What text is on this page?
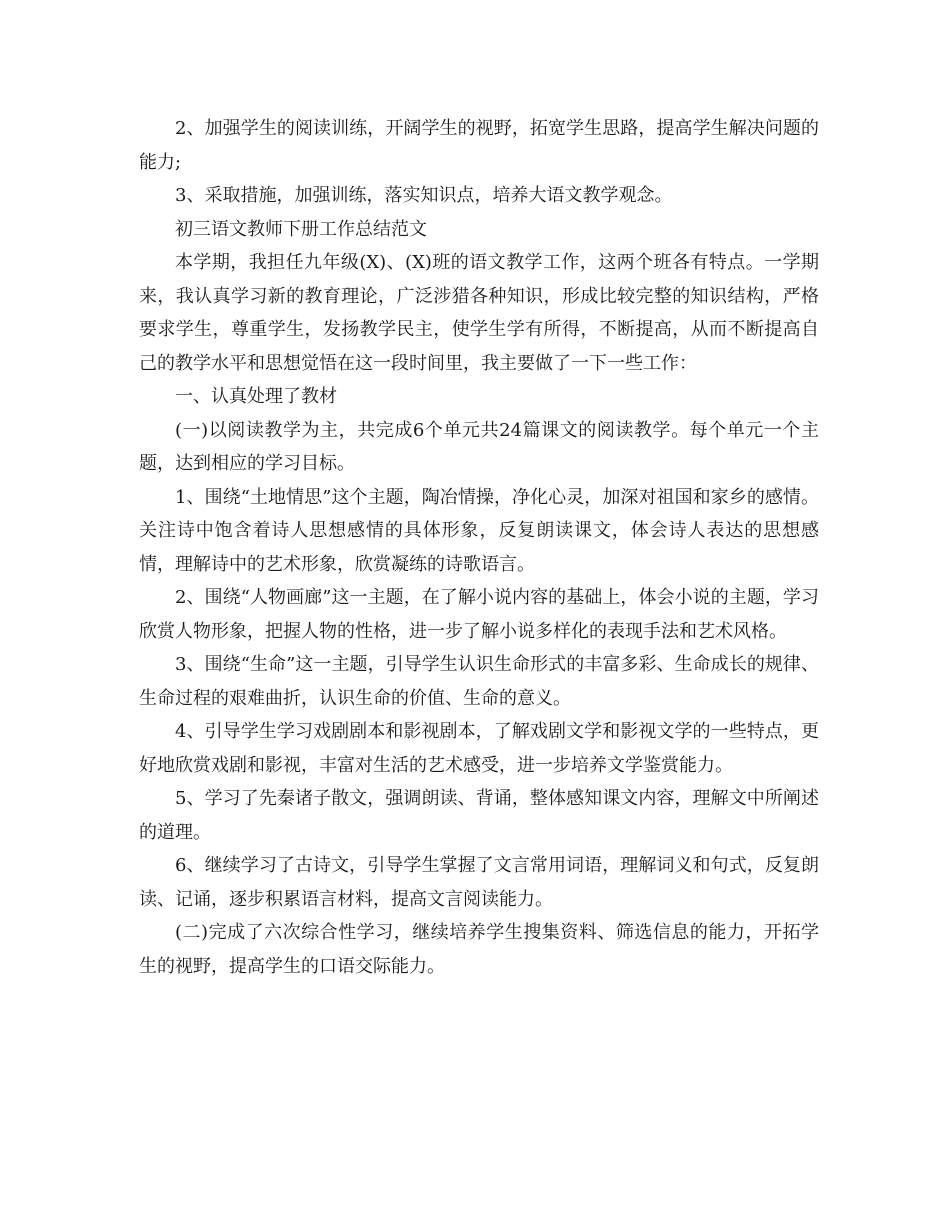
2、加强学生的阅读训练，开阔学生的视野，拓宽学生思路，提高学生解决问题的能力;

3、采取措施，加强训练，落实知识点，培养大语文教学观念。

初三语文教师下册工作总结范文

本学期，我担任九年级(X)、(X)班的语文教学工作，这两个班各有特点。一学期来，我认真学习新的教育理论，广泛涉猎各种知识，形成比较完整的知识结构，严格要求学生，尊重学生，发扬教学民主，使学生学有所得，不断提高，从而不断提高自己的教学水平和思想觉悟在这一段时间里，我主要做了一下一些工作：

一、认真处理了教材

(一)以阅读教学为主，共完成6个单元共24篇课文的阅读教学。每个单元一个主题，达到相应的学习目标。

1、围绕“土地情思”这个主题，陶冶情操，净化心灵，加深对祖国和家乡的感情。关注诗中饱含着诗人思想感情的具体形象，反复朗读课文，体会诗人表达的思想感情，理解诗中的艺术形象，欣赏凝练的诗歌语言。

2、围绕“人物画廊”这一主题，在了解小说内容的基础上，体会小说的主题，学习欣赏人物形象，把握人物的性格，进一步了解小说多样化的表现手法和艺术风格。

3、围绕“生命”这一主题，引导学生认识生命形式的丰富多彩、生命成长的规律、生命过程的艰难曲折，认识生命的价值、生命的意义。

4、引导学生学习戏剧剧本和影视剧本，了解戏剧文学和影视文学的一些特点，更好地欣赏戏剧和影视，丰富对生活的艺术感受，进一步培养文学鉴赏能力。

5、学习了先秦诸子散文，强调朗读、背诵，整体感知课文内容，理解文中所阐述的道理。

6、继续学习了古诗文，引导学生掌握了文言常用词语，理解词义和句式，反复朗读、记诵，逐步积累语言材料，提高文言阅读能力。

(二)完成了六次综合性学习，继续培养学生搜集资料、筛选信息的能力，开拓学生的视野，提高学生的口语交际能力。
